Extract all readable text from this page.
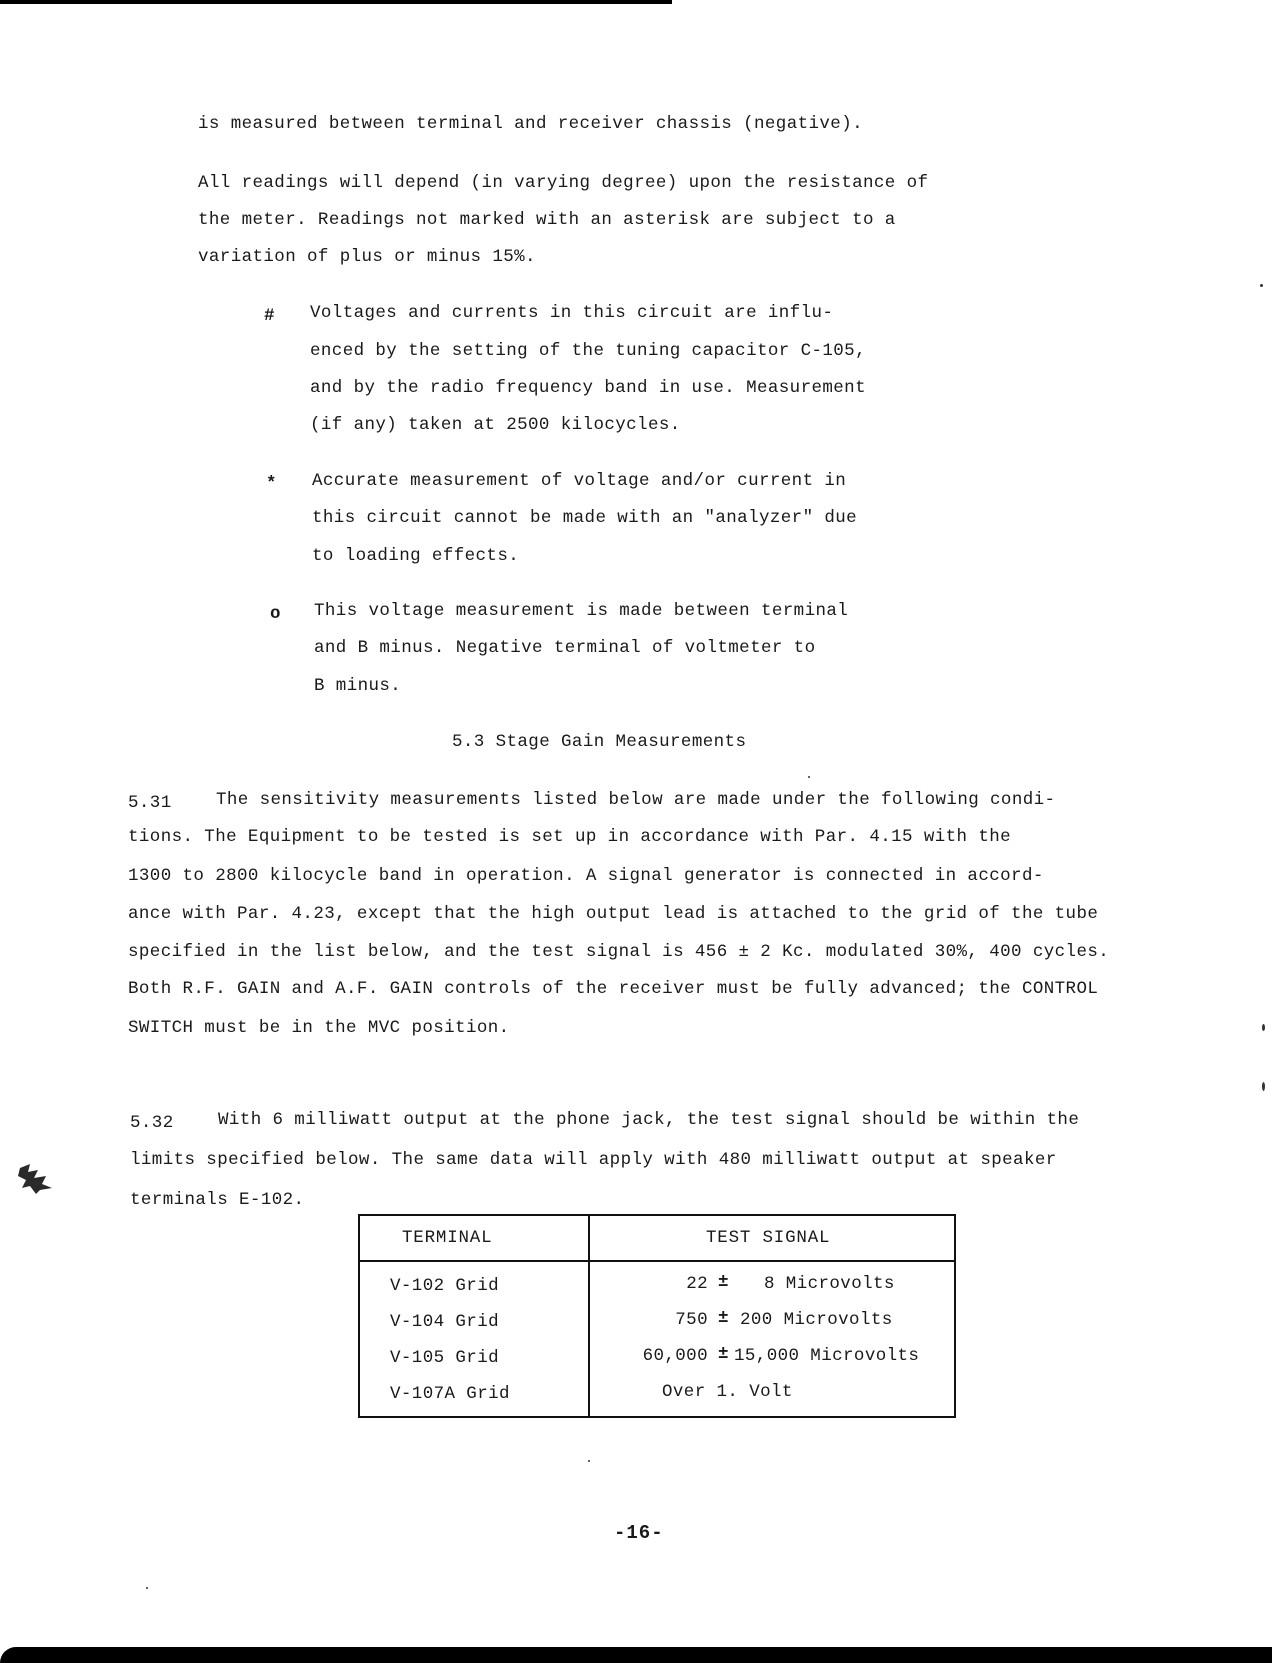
is measured between terminal and receiver chassis (negative).
All readings will depend (in varying degree) upon the resistance of
the meter. Readings not marked with an asterisk are subject to a
variation of plus or minus 15%.
# Voltages and currents in this circuit are influ-
enced by the setting of the tuning capacitor C-105,
and by the radio frequency band in use. Measurement
(if any) taken at 2500 kilocycles.
* Accurate measurement of voltage and/or current in
this circuit cannot be made with an "analyzer" due
to loading effects.
o This voltage measurement is made between terminal
and B minus. Negative terminal of voltmeter to
B minus.
5.3 Stage Gain Measurements
5.31	The sensitivity measurements listed below are made under the following condi-
tions. The Equipment to be tested is set up in accordance with Par. 4.15 with the
1300 to 2800 kilocycle band in operation. A signal generator is connected in accord-
ance with Par. 4.23, except that the high output lead is attached to the grid of the tube
specified in the list below, and the test signal is 456 ± 2 Kc. modulated 30%, 400 cycles.
Both R.F. GAIN and A.F. GAIN controls of the receiver must be fully advanced; the CONTROL
SWITCH must be in the MVC position.
5.32	With 6 milliwatt output at the phone jack, the test signal should be within the
limits specified below. The same data will apply with 480 milliwatt output at speaker
terminals E-102.
TERMINAL	TEST SIGNAL
V-102 Grid	22 ± 8 Microvolts
V-104 Grid	750 ± 200 Microvolts
V-105 Grid	60,000 ± 15,000 Microvolts
V-107A Grid	Over 1. Volt
-16-
